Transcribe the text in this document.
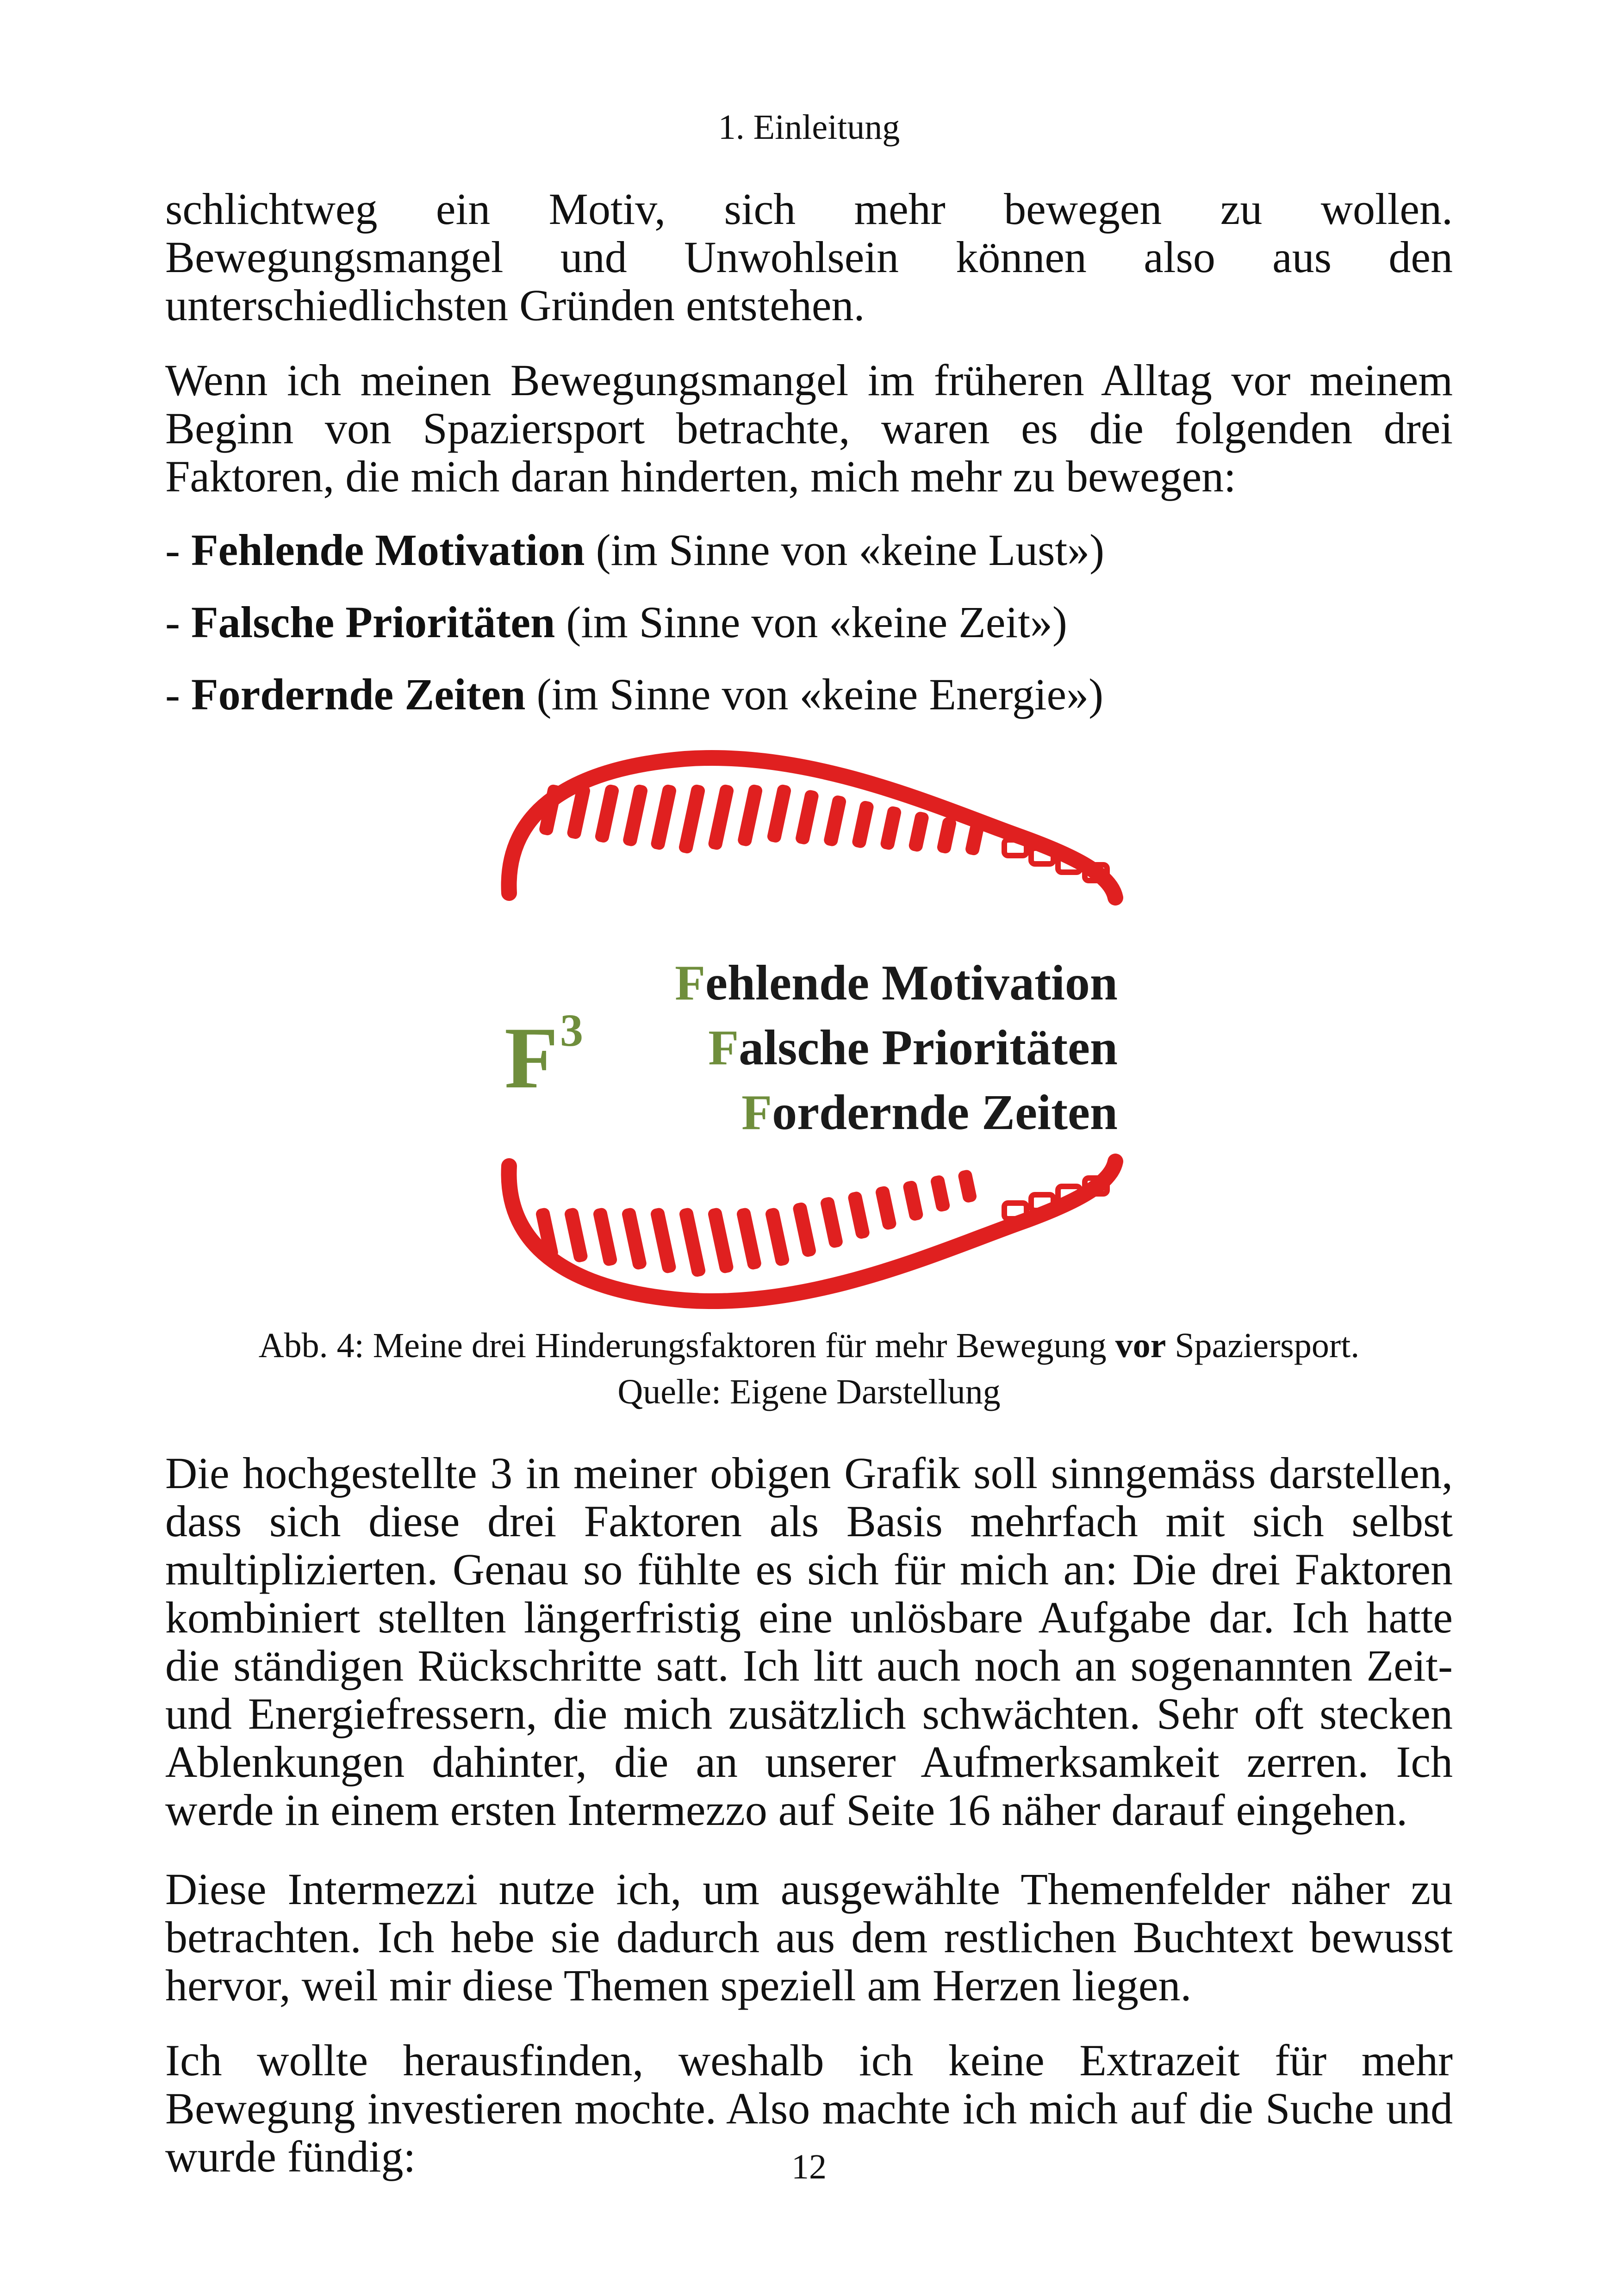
1. Einleitung

schlichtweg ein Motiv, sich mehr bewegen zu wollen. Bewegungsmangel und Unwohlsein können also aus den unterschiedlichsten Gründen entstehen.

Wenn ich meinen Bewegungsmangel im früheren Alltag vor meinem Beginn von Spaziersport betrachte, waren es die folgenden drei Faktoren, die mich daran hinderten, mich mehr zu bewegen:

- Fehlende Motivation (im Sinne von «keine Lust»)
- Falsche Prioritäten (im Sinne von «keine Zeit»)
- Fordernde Zeiten (im Sinne von «keine Energie»)
F 3
Fehlende Motivation
Falsche Prioritäten
Fordernde Zeiten
Abb. 4: Meine drei Hinderungsfaktoren für mehr Bewegung vor Spaziersport.
Quelle: Eigene Darstellung

Die hochgestellte 3 in meiner obigen Grafik soll sinngemäss darstellen, dass sich diese drei Faktoren als Basis mehrfach mit sich selbst multiplizierten. Genau so fühlte es sich für mich an: Die drei Faktoren kombiniert stellten längerfristig eine unlösbare Aufgabe dar. Ich hatte die ständigen Rückschritte satt. Ich litt auch noch an sogenannten Zeit- und Energiefressern, die mich zusätzlich schwächten. Sehr oft stecken Ablenkungen dahinter, die an unserer Aufmerksamkeit zerren. Ich werde in einem ersten Intermezzo auf Seite 16 näher darauf eingehen.

Diese Intermezzi nutze ich, um ausgewählte Themenfelder näher zu betrachten. Ich hebe sie dadurch aus dem restlichen Buchtext bewusst hervor, weil mir diese Themen speziell am Herzen liegen.

Ich wollte herausfinden, weshalb ich keine Extrazeit für mehr Bewegung investieren mochte. Also machte ich mich auf die Suche und wurde fündig:	12
